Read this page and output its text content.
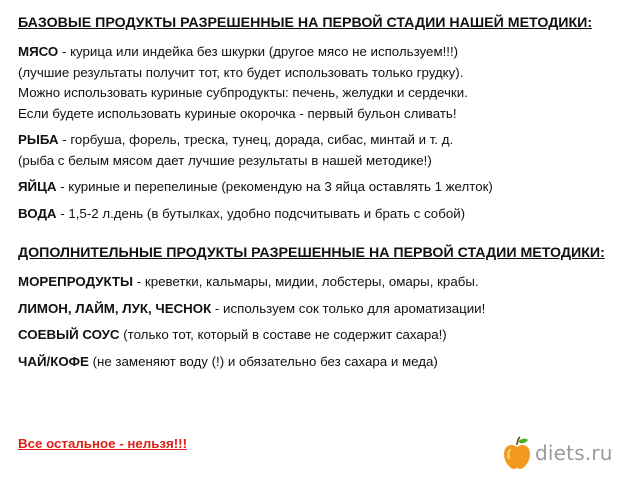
БАЗОВЫЕ ПРОДУКТЫ РАЗРЕШЕННЫЕ НА ПЕРВОЙ СТАДИИ НАШЕЙ МЕТОДИКИ:
МЯСО - курица или индейка без шкурки (другое мясо не используем!!!)
(лучшие результаты получит тот, кто будет использовать только грудку).
Можно использовать куриные субпродукты: печень, желудки и сердечки.
Если будете использовать куриные окорочка - первый бульон сливать!
РЫБА - горбуша, форель, треска, тунец, дорада, сибас, минтай и т. д.
(рыба с белым мясом дает лучшие результаты в нашей методике!)
ЯЙЦА - куриные и перепелиные (рекомендую на 3 яйца оставлять 1 желток)
ВОДА - 1,5-2 л.день (в бутылках, удобно подсчитывать и брать с собой)
ДОПОЛНИТЕЛЬНЫЕ ПРОДУКТЫ РАЗРЕШЕННЫЕ НА ПЕРВОЙ СТАДИИ МЕТОДИКИ:
МОРЕПРОДУКТЫ - креветки, кальмары, мидии, лобстеры, омары, крабы.
ЛИМОН, ЛАЙМ, ЛУК, ЧЕСНОК - используем сок только для ароматизации!
СОЕВЫЙ СОУС (только тот, который в составе не содержит сахара!)
ЧАЙ/КОФЕ (не заменяют воду (!) и обязательно без сахара и меда)
Все остальное - нельзя!!!	diets.ru
